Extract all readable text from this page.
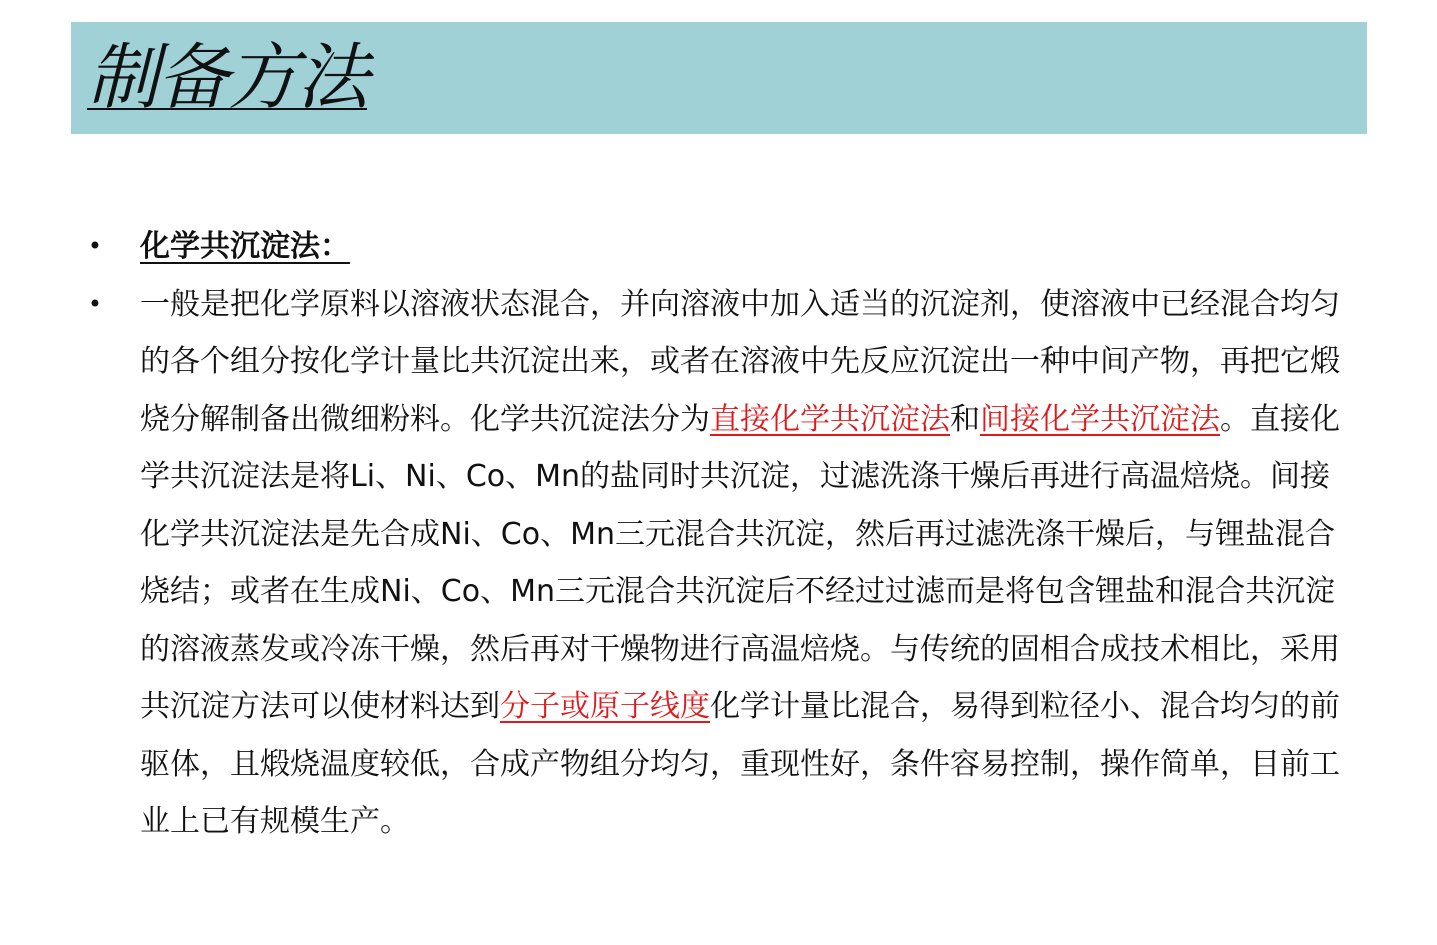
制备方法
• 化学共沉淀法：
• 一般是把化学原料以溶液状态混合，并向溶液中加入适当的沉淀剂，使溶液中已经混合均匀的各个组分按化学计量比共沉淀出来，或者在溶液中先反应沉淀出一种中间产物，再把它煅烧分解制备出微细粉料。化学共沉淀法分为直接化学共沉淀法和间接化学共沉淀法。直接化学共沉淀法是将Li、Ni、Co、Mn的盐同时共沉淀，过滤洗涤干燥后再进行高温焙烧。间接化学共沉淀法是先合成Ni、Co、Mn三元混合共沉淀，然后再过滤洗涤干燥后，与锂盐混合烧结；或者在生成Ni、Co、Mn三元混合共沉淀后不经过过滤而是将包含锂盐和混合共沉淀的溶液蒸发或冷冻干燥，然后再对干燥物进行高温焙烧。与传统的固相合成技术相比，采用共沉淀方法可以使材料达到分子或原子线度化学计量比混合，易得到粒径小、混合均匀的前驱体，且煅烧温度较低，合成产物组分均匀，重现性好，条件容易控制，操作简单，目前工业上已有规模生产。
